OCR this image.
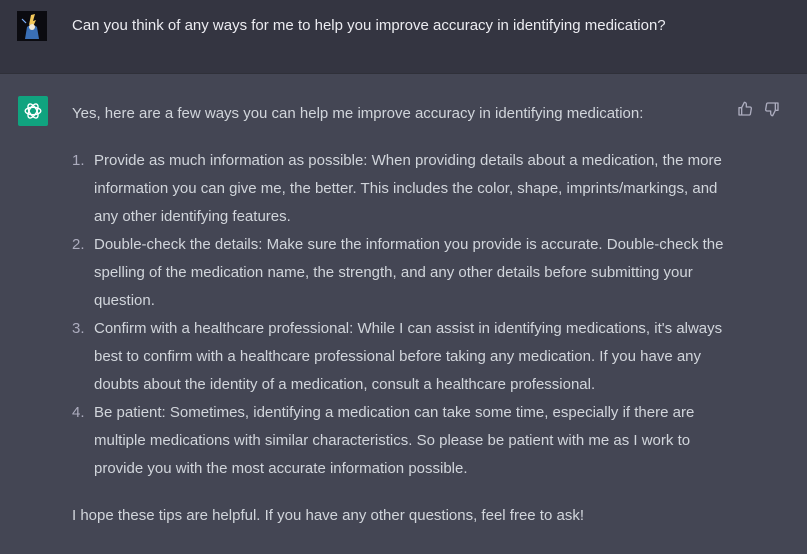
Can you think of any ways for me to help you improve accuracy in identifying medication?

Yes, here are a few ways you can help me improve accuracy in identifying medication:

1. Provide as much information as possible: When providing details about a medication, the more information you can give me, the better. This includes the color, shape, imprints/markings, and any other identifying features.
2. Double-check the details: Make sure the information you provide is accurate. Double-check the spelling of the medication name, the strength, and any other details before submitting your question.
3. Confirm with a healthcare professional: While I can assist in identifying medications, it's always best to confirm with a healthcare professional before taking any medication. If you have any doubts about the identity of a medication, consult a healthcare professional.
4. Be patient: Sometimes, identifying a medication can take some time, especially if there are multiple medications with similar characteristics. So please be patient with me as I work to provide you with the most accurate information possible.

I hope these tips are helpful. If you have any other questions, feel free to ask!
